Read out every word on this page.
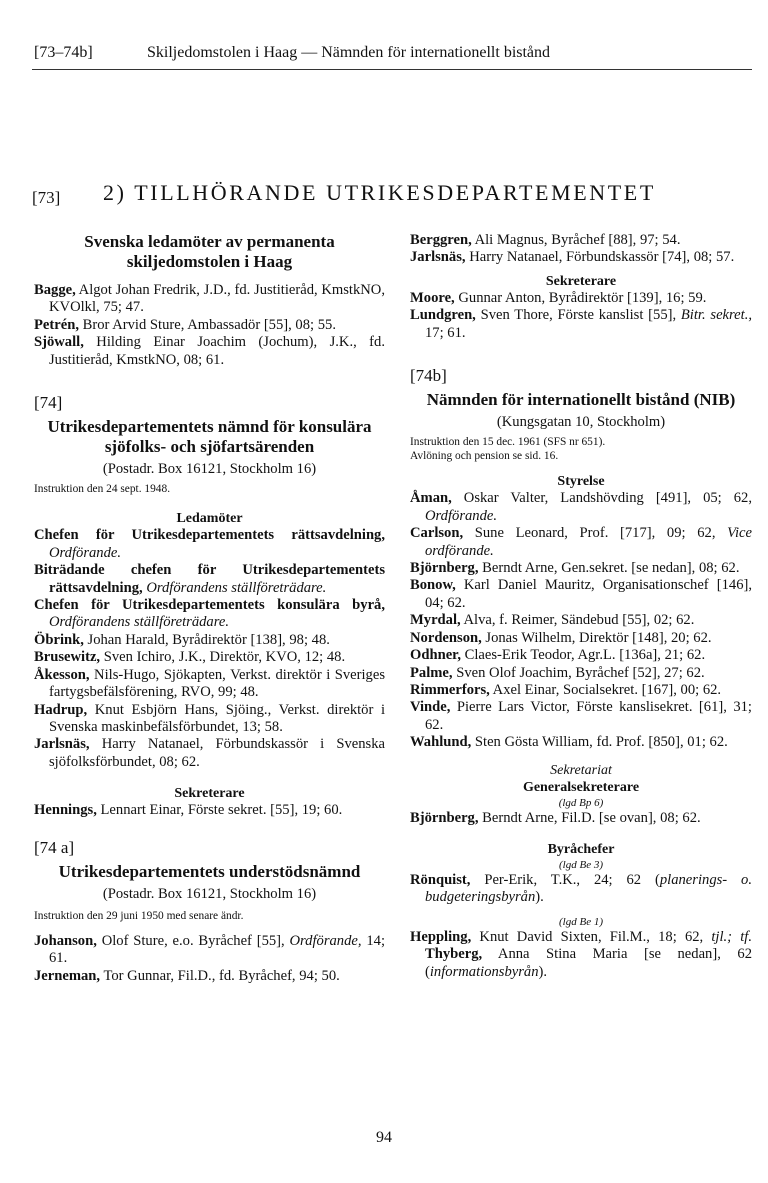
[73–74b]	Skiljedomstolen i Haag — Nämnden för internationellt bistånd
[73] 2) TILLHÖRANDE UTRIKESDEPARTEMENTET
Svenska ledamöter av permanenta skiljedomstolen i Haag
Bagge, Algot Johan Fredrik, J.D., fd. Justitieråd, KmstkNO, KVOlkl, 75; 47.
Petrén, Bror Arvid Sture, Ambassadör [55], 08; 55.
Sjöwall, Hilding Einar Joachim (Jochum), J.K., fd. Justitieråd, KmstkNO, 08; 61.
[74]
Utrikesdepartementets nämnd för konsulära sjöfolks- och sjöfartsärenden
(Postadr. Box 16121, Stockholm 16)
Instruktion den 24 sept. 1948.
Ledamöter
Chefen för Utrikesdepartementets rättsavdelning, Ordförande.
Biträdande chefen för Utrikesdepartementets rättsavdelning, Ordförandens ställföreträdare.
Chefen för Utrikesdepartementets konsulära byrå, Ordförandens ställföreträdare.
Öbrink, Johan Harald, Byrådirektör [138], 98; 48.
Brusewitz, Sven Ichiro, J.K., Direktör, KVO, 12; 48.
Åkesson, Nils-Hugo, Sjökapten, Verkst. direktör i Sveriges fartygsbefälsförening, RVO, 99; 48.
Hadrup, Knut Esbjörn Hans, Sjöing., Verkst. direktör i Svenska maskinbefälsförbundet, 13; 58.
Jarlsnäs, Harry Natanael, Förbundskassör i Svenska sjöfolksförbundet, 08; 62.
Sekreterare
Hennings, Lennart Einar, Förste sekret. [55], 19; 60.
[74 a]
Utrikesdepartementets understödsnämnd
(Postadr. Box 16121, Stockholm 16)
Instruktion den 29 juni 1950 med senare ändr.
Johanson, Olof Sture, e.o. Byråchef [55], Ordförande, 14; 61.
Jerneman, Tor Gunnar, Fil.D., fd. Byråchef, 94; 50.
Berggren, Ali Magnus, Byråchef [88], 97; 54.
Jarlsnäs, Harry Natanael, Förbundskassör [74], 08; 57.
Sekreterare
Moore, Gunnar Anton, Byrådirektör [139], 16; 59.
Lundgren, Sven Thore, Förste kanslist [55], Bitr. sekret., 17; 61.
[74b]
Nämnden för internationellt bistånd (NIB)
(Kungsgatan 10, Stockholm)
Instruktion den 15 dec. 1961 (SFS nr 651).
Avlöning och pension se sid. 16.
Styrelse
Åman, Oskar Valter, Landshövding [491], 05; 62, Ordförande.
Carlson, Sune Leonard, Prof. [717], 09; 62, Vice ordförande.
Björnberg, Berndt Arne, Gen.sekret. [se nedan], 08; 62.
Bonow, Karl Daniel Mauritz, Organisationschef [146], 04; 62.
Myrdal, Alva, f. Reimer, Sändebud [55], 02; 62.
Nordenson, Jonas Wilhelm, Direktör [148], 20; 62.
Odhner, Claes-Erik Teodor, Agr.L. [136a], 21; 62.
Palme, Sven Olof Joachim, Byråchef [52], 27; 62.
Rimmerfors, Axel Einar, Socialsekret. [167], 00; 62.
Vinde, Pierre Lars Victor, Förste kanslisekret. [61], 31; 62.
Wahlund, Sten Gösta William, fd. Prof. [850], 01; 62.
Sekretariat
Generalsekreterare
(lgd Bp 6)
Björnberg, Berndt Arne, Fil.D. [se ovan], 08; 62.
Byråchefer
(lgd Be 3)
Rönquist, Per-Erik, T.K., 24; 62 (planerings- o. budgeteringsbyrån).
(lgd Be 1)
Heppling, Knut David Sixten, Fil.M., 18; 62, tjl.; tf. Thyberg, Anna Stina Maria [se nedan], 62 (informationsbyrån).
94
